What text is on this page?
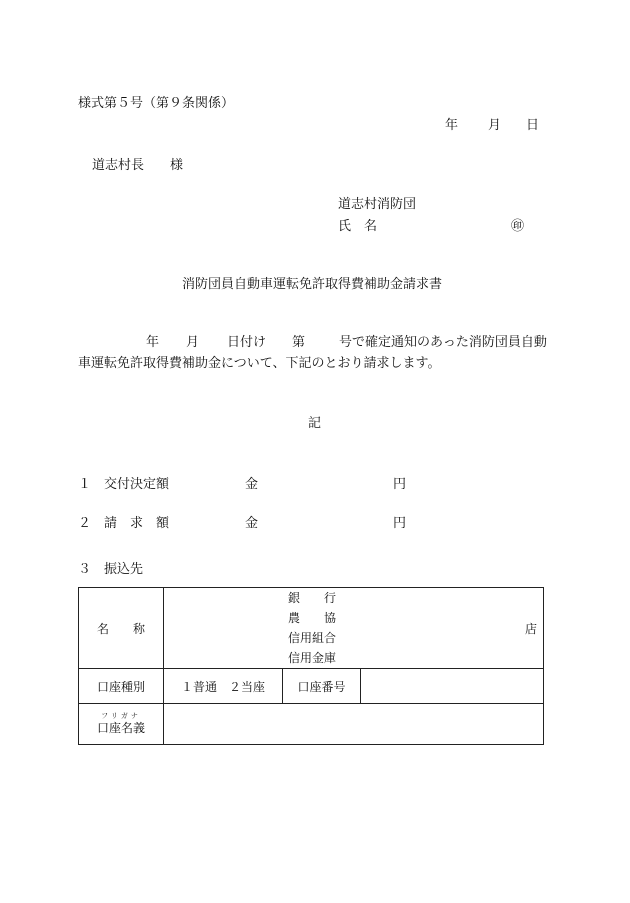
様式第５号（第９条関係）
年 月 日
道志村長　　様
道志村消防団
氏　名	㊞
消防団員自動車運転免許取得費補助金請求書
年 月 日付け 第	号で確定通知のあった消防団員自動
車運転免許取得費補助金について、下記のとおり請求します。
記
１　交付決定額	金	円
２　請　求　額	金	円
３　振込先
名　　称	銀　　行
農　　協
信用組合
信用金庫
店		

口座種別	１普通　２当座	口座番号	

フリガナ
口座名義			
